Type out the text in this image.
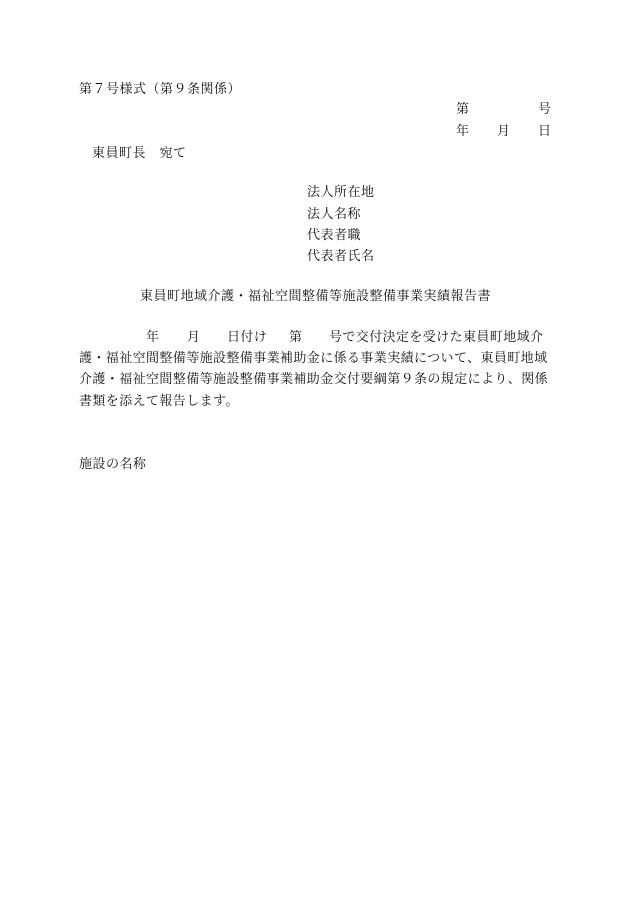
第７号様式（第９条関係）
第	号
年 月 日
東員町長　宛て
法人所在地
法人名称
代表者職
代表者氏名
東員町地域介護・福祉空間整備等施設整備事業実績報告書
年 月 日付け 第 号で交付決定を受けた東員町地域介
護・福祉空間整備等施設整備事業補助金に係る事業実績について、東員町地域
介護・福祉空間整備等施設整備事業補助金交付要綱第９条の規定により、関係
書類を添えて報告します。
施設の名称
